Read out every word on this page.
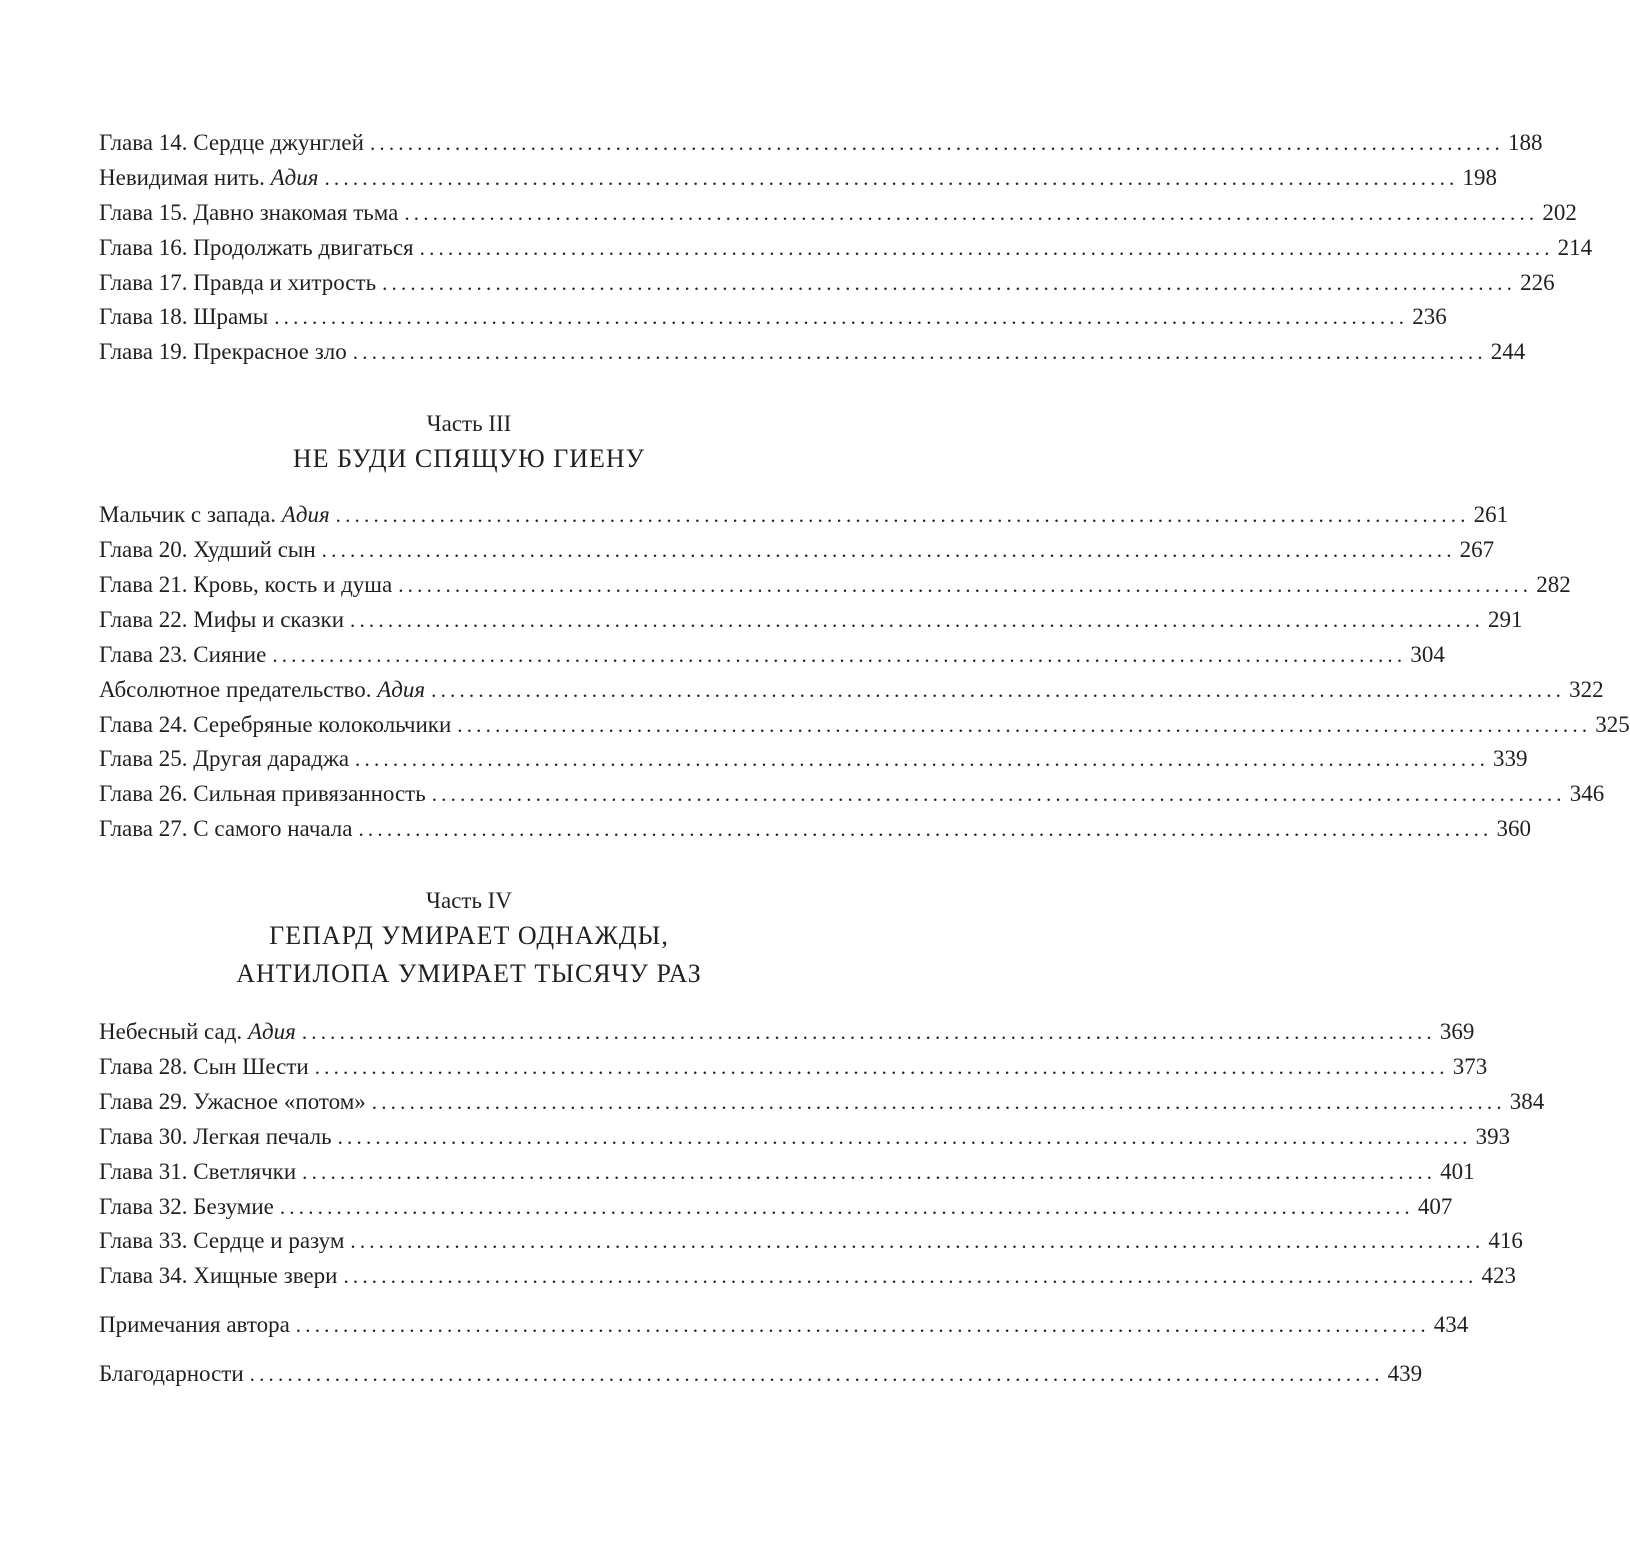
Глава 14. Сердце джунглей ........................................................................................................................ 188
Невидимая нить. Адия ........................................................................................................................ 198
Глава 15. Давно знакомая тьма ........................................................................................................................ 202
Глава 16. Продолжать двигаться ........................................................................................................................ 214
Глава 17. Правда и хитрость ........................................................................................................................ 226
Глава 18. Шрамы ........................................................................................................................ 236
Глава 19. Прекрасное зло ........................................................................................................................ 244
Часть III
НЕ БУДИ СПЯЩУЮ ГИЕНУ
Мальчик с запада. Адия ........................................................................................................................ 261
Глава 20. Худший сын ........................................................................................................................ 267
Глава 21. Кровь, кость и душа ........................................................................................................................ 282
Глава 22. Мифы и сказки ........................................................................................................................ 291
Глава 23. Сияние ........................................................................................................................ 304
Абсолютное предательство. Адия ........................................................................................................................ 322
Глава 24. Серебряные колокольчики ........................................................................................................................ 325
Глава 25. Другая дараджа ........................................................................................................................ 339
Глава 26. Сильная привязанность ........................................................................................................................ 346
Глава 27. С самого начала ........................................................................................................................ 360
Часть IV
ГЕПАРД УМИРАЕТ ОДНАЖДЫ,
АНТИЛОПА УМИРАЕТ ТЫСЯЧУ РАЗ
Небесный сад. Адия ........................................................................................................................ 369
Глава 28. Сын Шести ........................................................................................................................ 373
Глава 29. Ужасное «потом» ........................................................................................................................ 384
Глава 30. Легкая печаль ........................................................................................................................ 393
Глава 31. Светлячки ........................................................................................................................ 401
Глава 32. Безумие ........................................................................................................................ 407
Глава 33. Сердце и разум ........................................................................................................................ 416
Глава 34. Хищные звери ........................................................................................................................ 423
Примечания автора ........................................................................................................................ 434
Благодарности ........................................................................................................................ 439
